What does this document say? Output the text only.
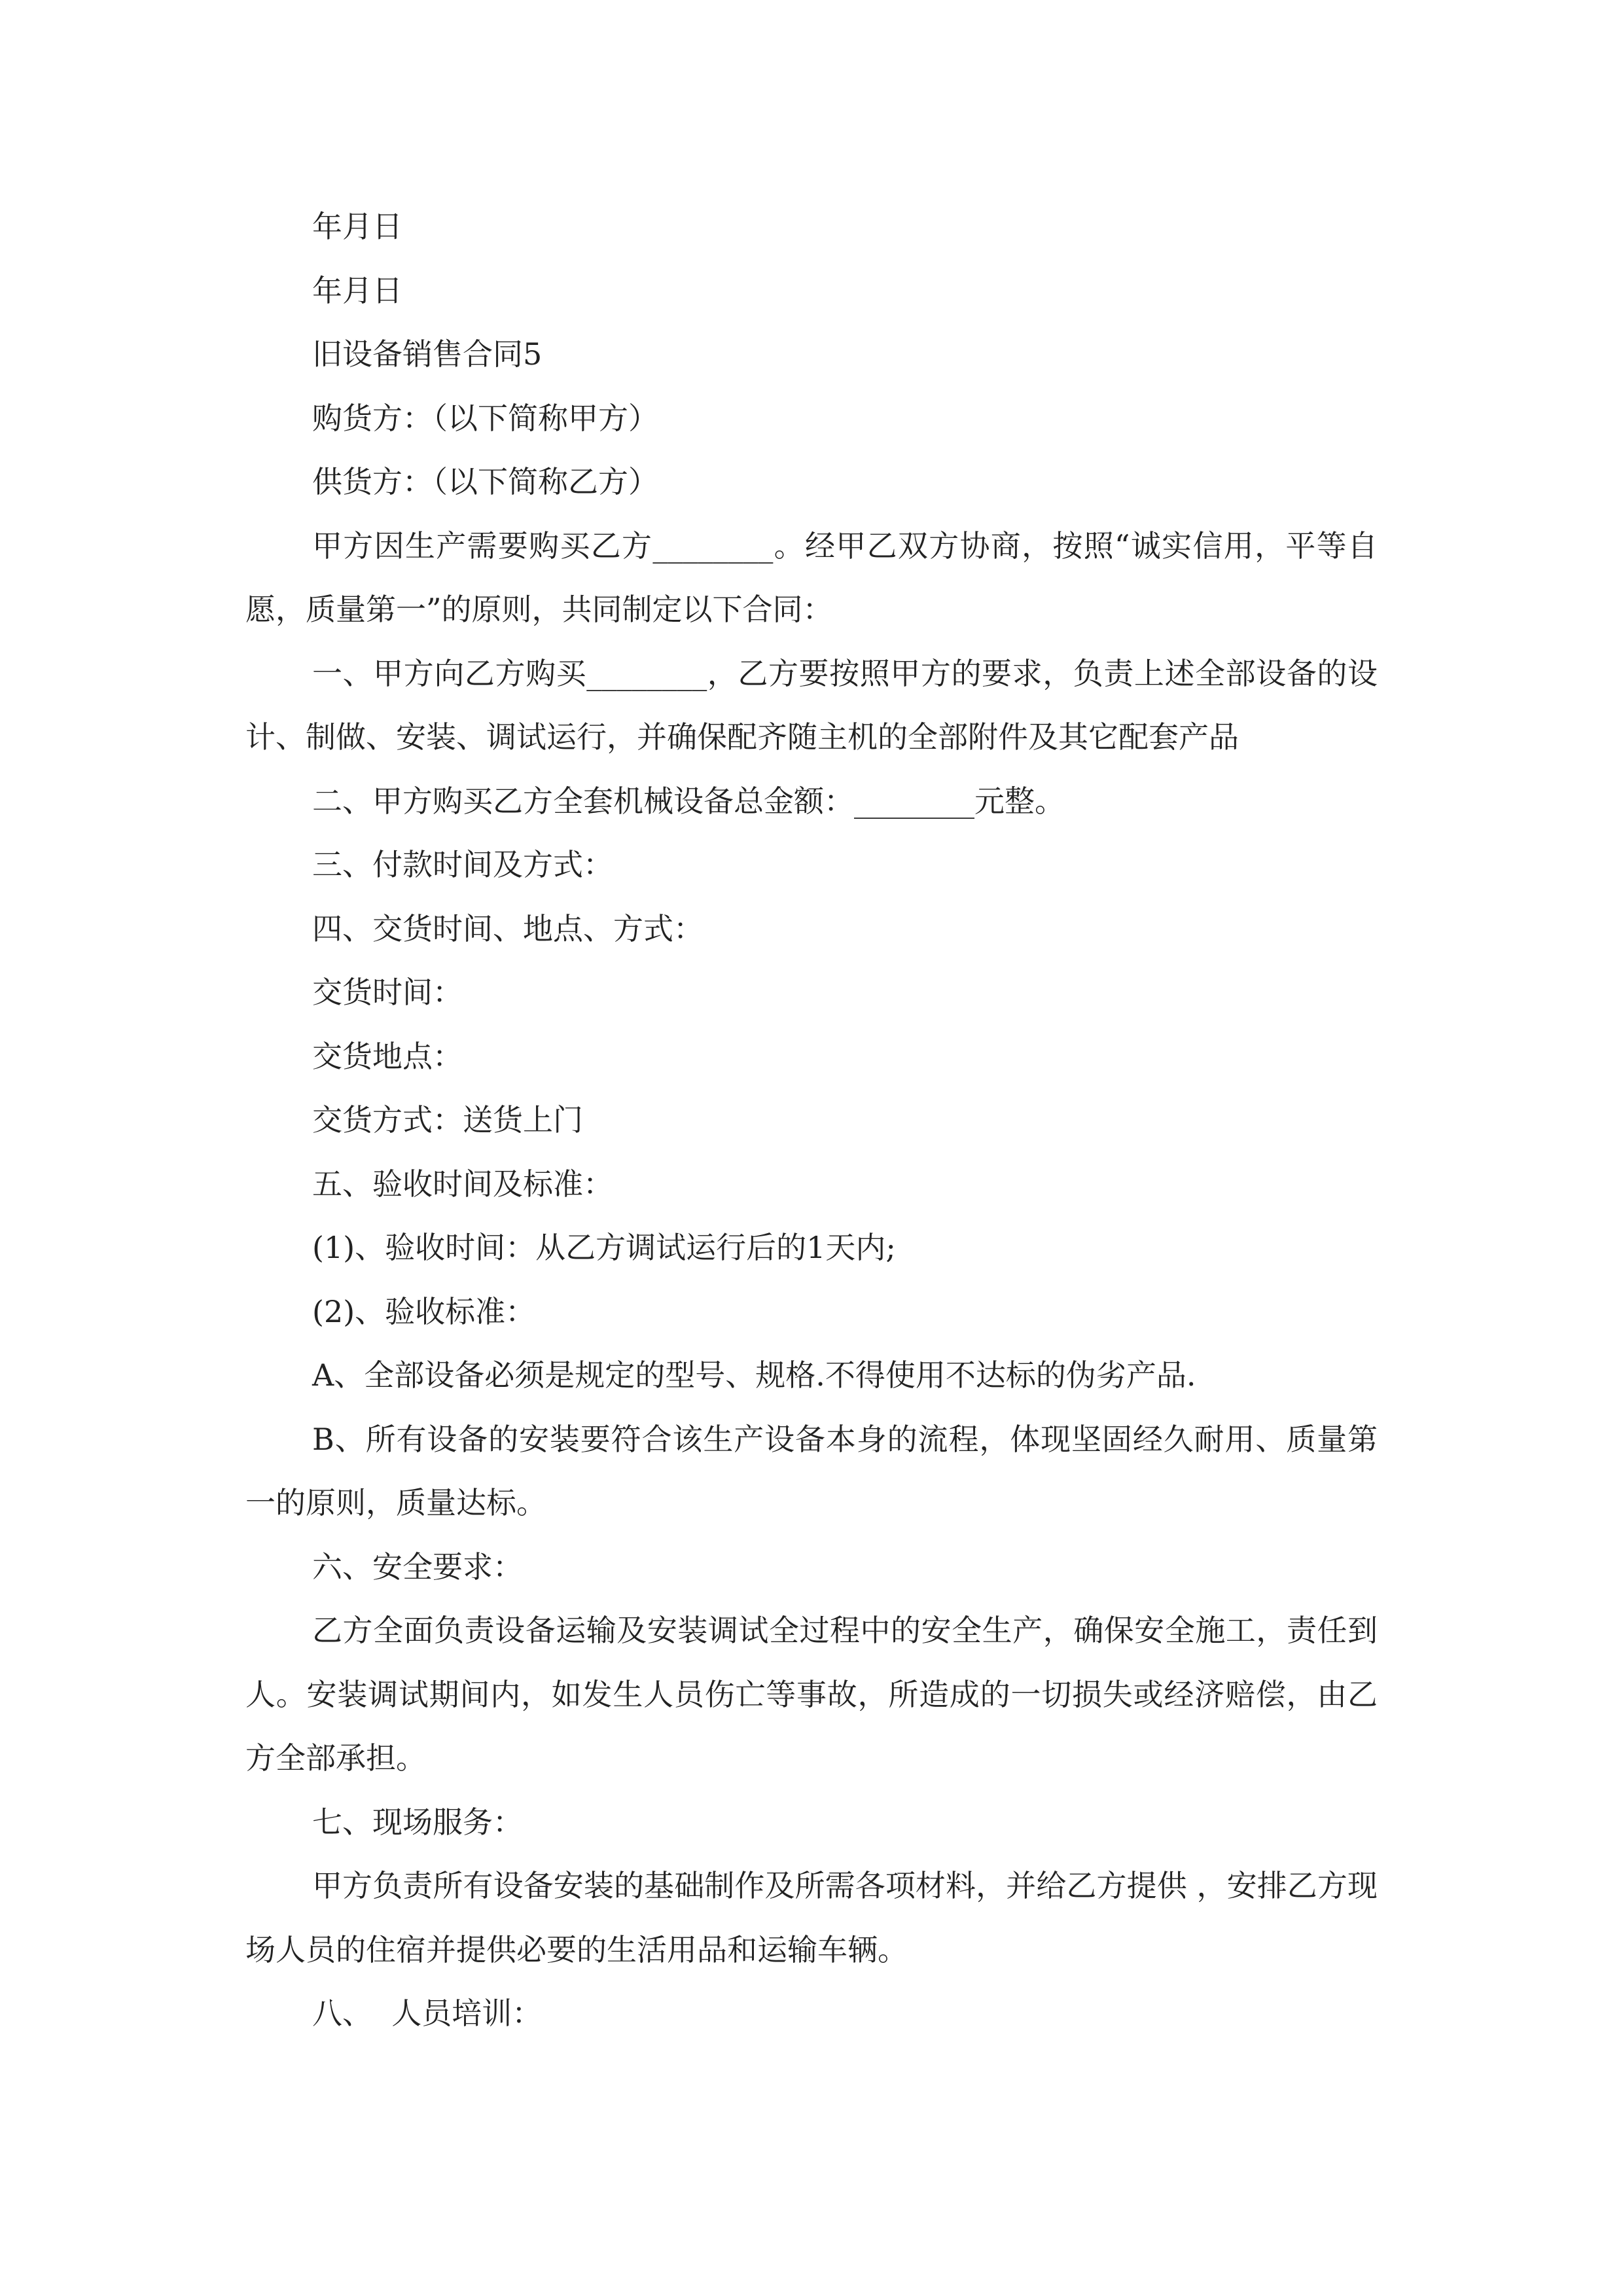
年月日

年月日

旧设备销售合同5

购货方：（以下简称甲方）

供货方：（以下简称乙方）

甲方因生产需要购买乙方________。经甲乙双方协商，按照“诚实信用，平等自愿，质量第一”的原则，共同制定以下合同：

一、甲方向乙方购买________，乙方要按照甲方的要求，负责上述全部设备的设计、制做、安装、调试运行，并确保配齐随主机的全部附件及其它配套产品

二、甲方购买乙方全套机械设备总金额：________元整。

三、付款时间及方式：

四、交货时间、地点、方式：

交货时间：

交货地点：

交货方式：送货上门

五、验收时间及标准：

(1)、验收时间：从乙方调试运行后的1天内;

(2)、验收标准：

A、全部设备必须是规定的型号、规格.不得使用不达标的伪劣产品.

B、所有设备的安装要符合该生产设备本身的流程，体现坚固经久耐用、质量第一的原则，质量达标。

六、安全要求：

乙方全面负责设备运输及安装调试全过程中的安全生产，确保安全施工，责任到人。安装调试期间内，如发生人员伤亡等事故，所造成的一切损失或经济赔偿，由乙方全部承担。

七、现场服务：

甲方负责所有设备安装的基础制作及所需各项材料，并给乙方提供 ，安排乙方现场人员的住宿并提供必要的生活用品和运输车辆。

八、  人员培训：
